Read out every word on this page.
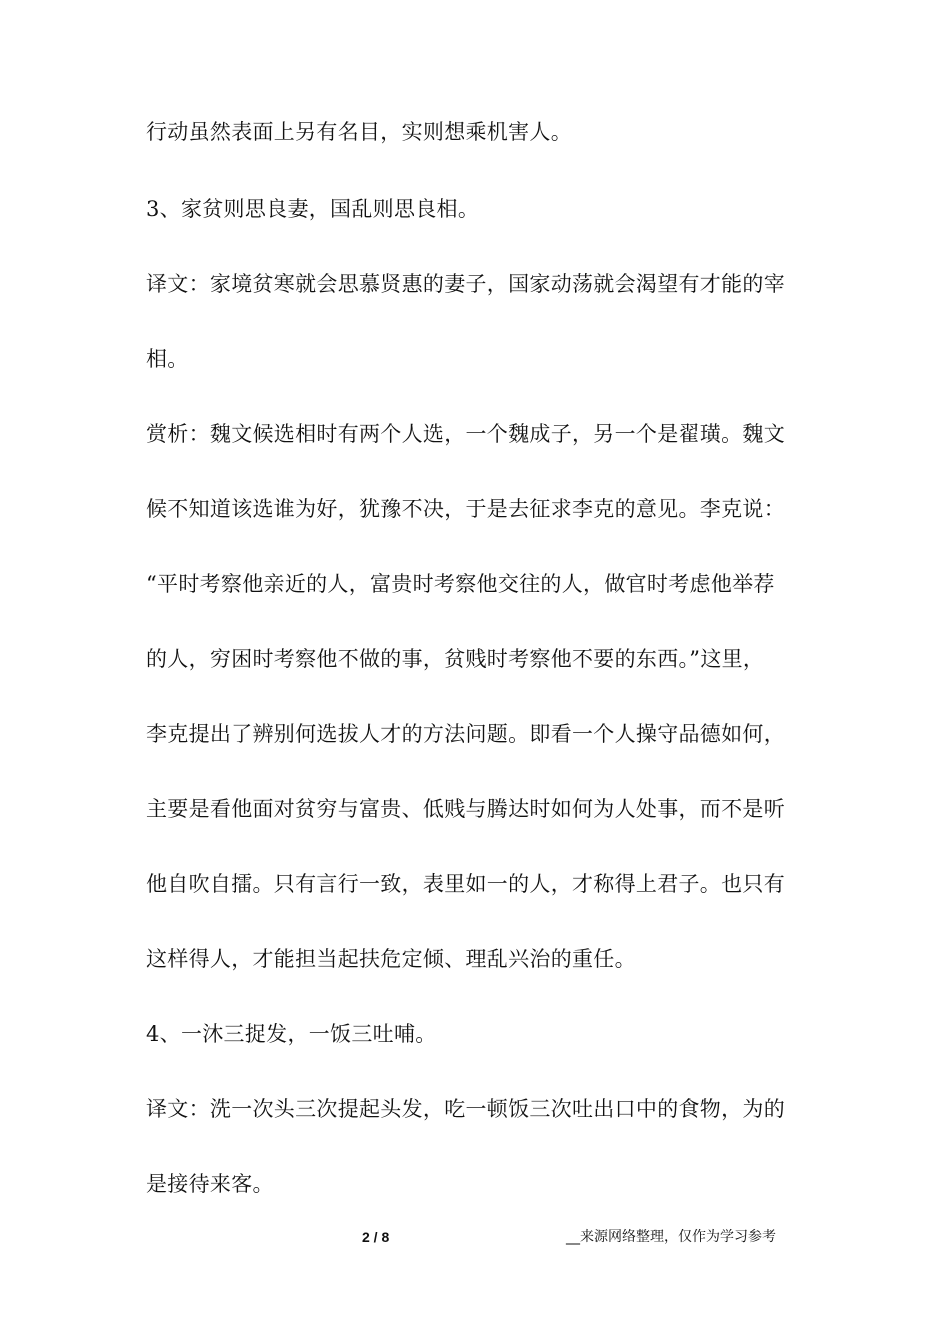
行动虽然表面上另有名目，实则想乘机害人。
3、家贫则思良妻，国乱则思良相。
译文：家境贫寒就会思慕贤惠的妻子，国家动荡就会渴望有才能的宰
相。
赏析：魏文候选相时有两个人选，一个魏成子，另一个是翟璜。魏文
候不知道该选谁为好，犹豫不决，于是去征求李克的意见。李克说：
“平时考察他亲近的人，富贵时考察他交往的人，做官时考虑他举荐
的人，穷困时考察他不做的事，贫贱时考察他不要的东西。”这里，
李克提出了辨别何选拔人才的方法问题。即看一个人操守品德如何，
主要是看他面对贫穷与富贵、低贱与腾达时如何为人处事，而不是听
他自吹自擂。只有言行一致，表里如一的人，才称得上君子。也只有
这样得人，才能担当起扶危定倾、理乱兴治的重任。
4、一沐三捉发，一饭三吐哺。
译文：洗一次头三次提起头发，吃一顿饭三次吐出口中的食物，为的
是接待来客。
2 / 8	__来源网络整理，仅作为学习参考
